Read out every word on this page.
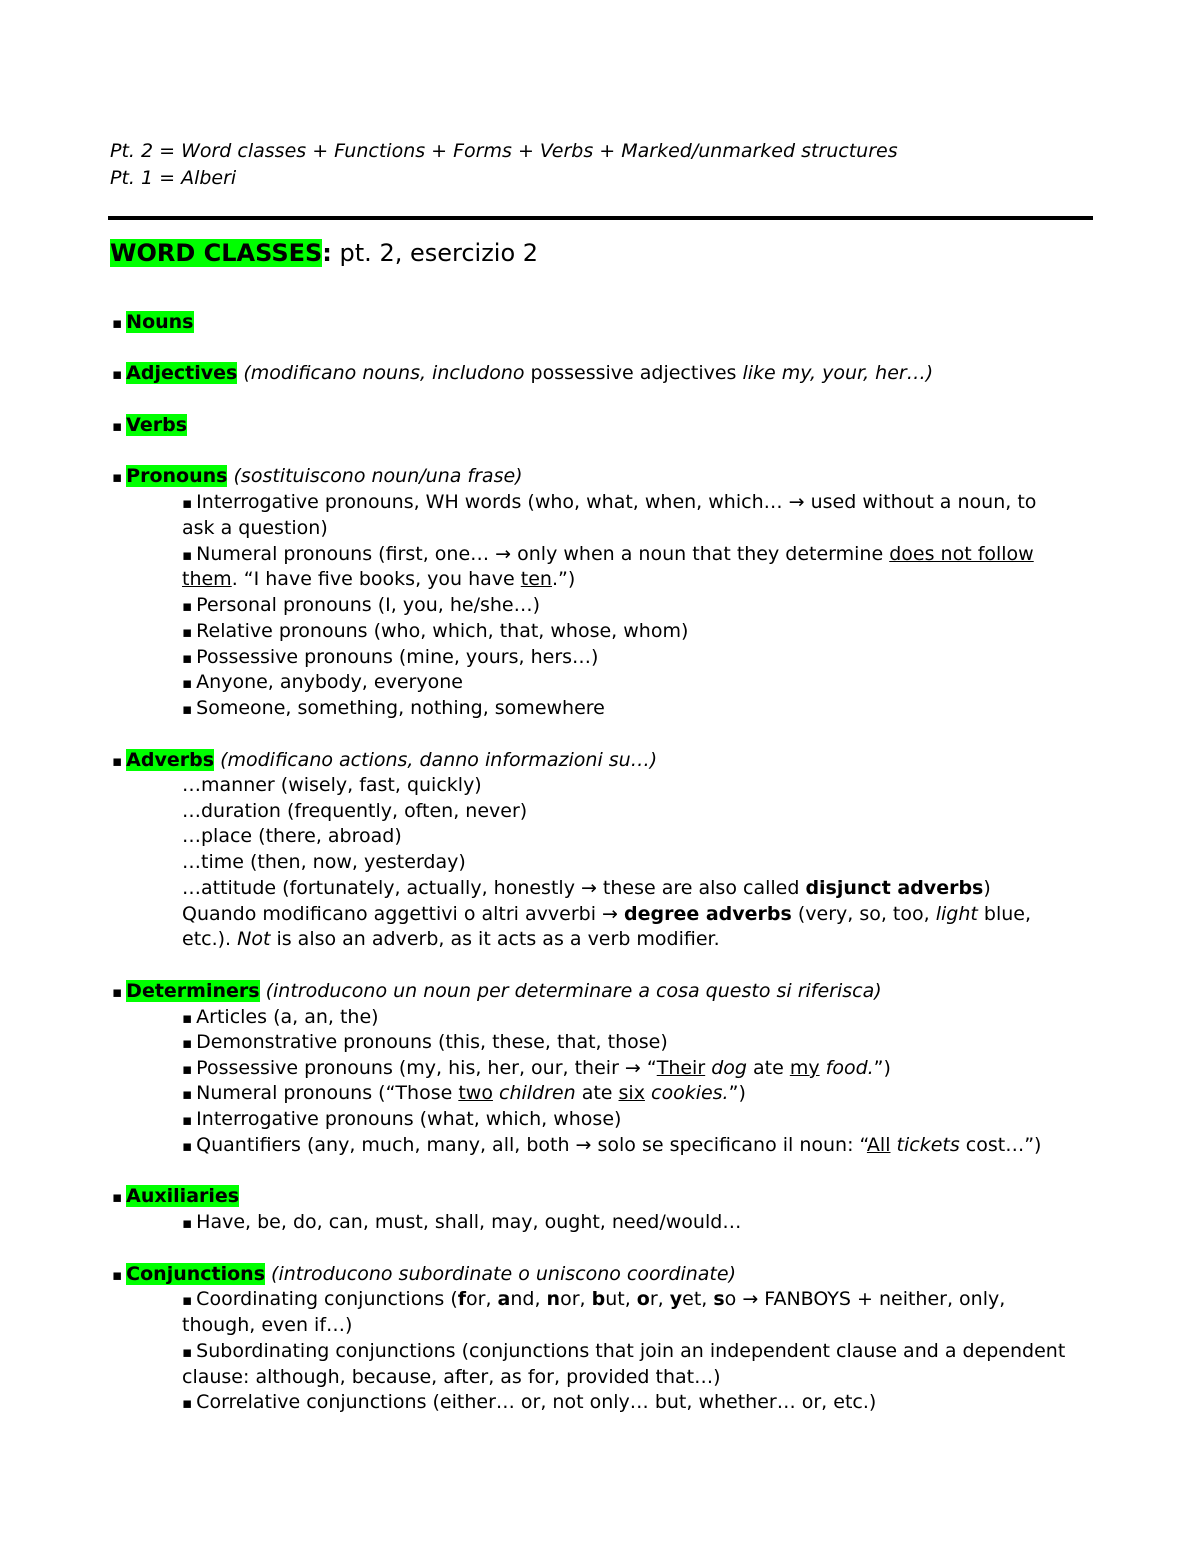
Pt. 2 = Word classes + Functions + Forms + Verbs + Marked/unmarked structures
Pt. 1 = Alberi
WORD CLASSES: pt. 2, esercizio 2
▪ Nouns
▪ Adjectives (modificano nouns, includono possessive adjectives like my, your, her…)
▪ Verbs
▪ Pronouns (sostituiscono noun/una frase)
▪ Interrogative pronouns, WH words (who, what, when, which… → used without a noun, to
ask a question)
▪ Numeral pronouns (first, one… → only when a noun that they determine does not follow
them. “I have five books, you have ten.”)
▪ Personal pronouns (I, you, he/she…)
▪ Relative pronouns (who, which, that, whose, whom)
▪ Possessive pronouns (mine, yours, hers…)
▪ Anyone, anybody, everyone
▪ Someone, something, nothing, somewhere
▪ Adverbs (modificano actions, danno informazioni su…)
…manner (wisely, fast, quickly)
…duration (frequently, often, never)
…place (there, abroad)
…time (then, now, yesterday)
…attitude (fortunately, actually, honestly → these are also called disjunct adverbs)
Quando modificano aggettivi o altri avverbi → degree adverbs (very, so, too, light blue,
etc.). Not is also an adverb, as it acts as a verb modifier.
▪ Determiners (introducono un noun per determinare a cosa questo si riferisca)
▪ Articles (a, an, the)
▪ Demonstrative pronouns (this, these, that, those)
▪ Possessive pronouns (my, his, her, our, their → “Their dog ate my food.”)
▪ Numeral pronouns (“Those two children ate six cookies.”)
▪ Interrogative pronouns (what, which, whose)
▪ Quantifiers (any, much, many, all, both → solo se specificano il noun: “All tickets cost…”)
▪ Auxiliaries
▪ Have, be, do, can, must, shall, may, ought, need/would…
▪ Conjunctions (introducono subordinate o uniscono coordinate)
▪ Coordinating conjunctions (for, and, nor, but, or, yet, so → FANBOYS + neither, only,
though, even if…)
▪ Subordinating conjunctions (conjunctions that join an independent clause and a dependent
clause: although, because, after, as for, provided that…)
▪ Correlative conjunctions (either… or, not only… but, whether… or, etc.)
